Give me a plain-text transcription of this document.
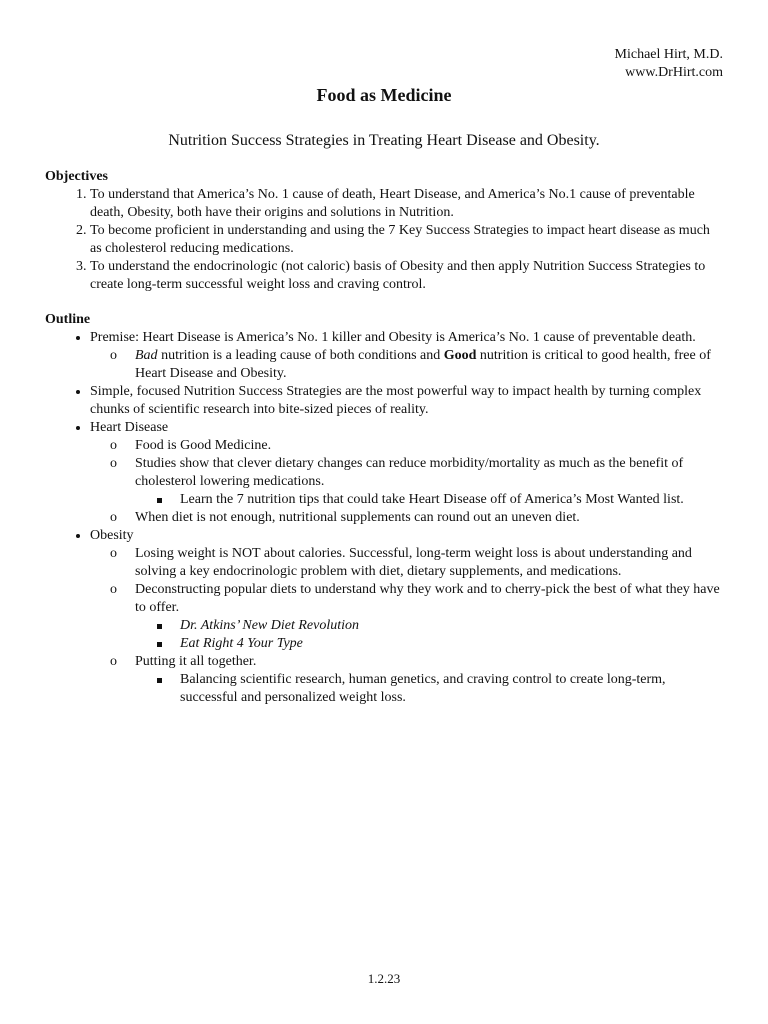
Michael Hirt, M.D.
www.DrHirt.com
Food as Medicine

Nutrition Success Strategies in Treating Heart Disease and Obesity.

Objectives

1. To understand that America’s No. 1 cause of death, Heart Disease, and America’s No.1 cause of preventable death, Obesity, both have their origins and solutions in Nutrition.
2. To become proficient in understanding and using the 7 Key Success Strategies to impact heart disease as much as cholesterol reducing medications.
3. To understand the endocrinologic (not caloric) basis of Obesity and then apply Nutrition Success Strategies to create long-term successful weight loss and craving control.

Outline

• Premise: Heart Disease is America’s No. 1 killer and Obesity is America’s No. 1 cause of preventable death.
o Bad nutrition is a leading cause of both conditions and Good nutrition is critical to good health, free of Heart Disease and Obesity.
• Simple, focused Nutrition Success Strategies are the most powerful way to impact health by turning complex chunks of scientific research into bite-sized pieces of reality.
• Heart Disease
o Food is Good Medicine.
o Studies show that clever dietary changes can reduce morbidity/mortality as much as the benefit of cholesterol lowering medications.
Learn the 7 nutrition tips that could take Heart Disease off of America’s Most Wanted list.
o When diet is not enough, nutritional supplements can round out an uneven diet.
• Obesity
o Losing weight is NOT about calories. Successful, long-term weight loss is about understanding and solving a key endocrinologic problem with diet, dietary supplements, and medications.
o Deconstructing popular diets to understand why they work and to cherry-pick the best of what they have to offer.
Dr. Atkins’ New Diet Revolution
Eat Right 4 Your Type
o Putting it all together.
Balancing scientific research, human genetics, and craving control to create long-term, successful and personalized weight loss.
1.2.23
